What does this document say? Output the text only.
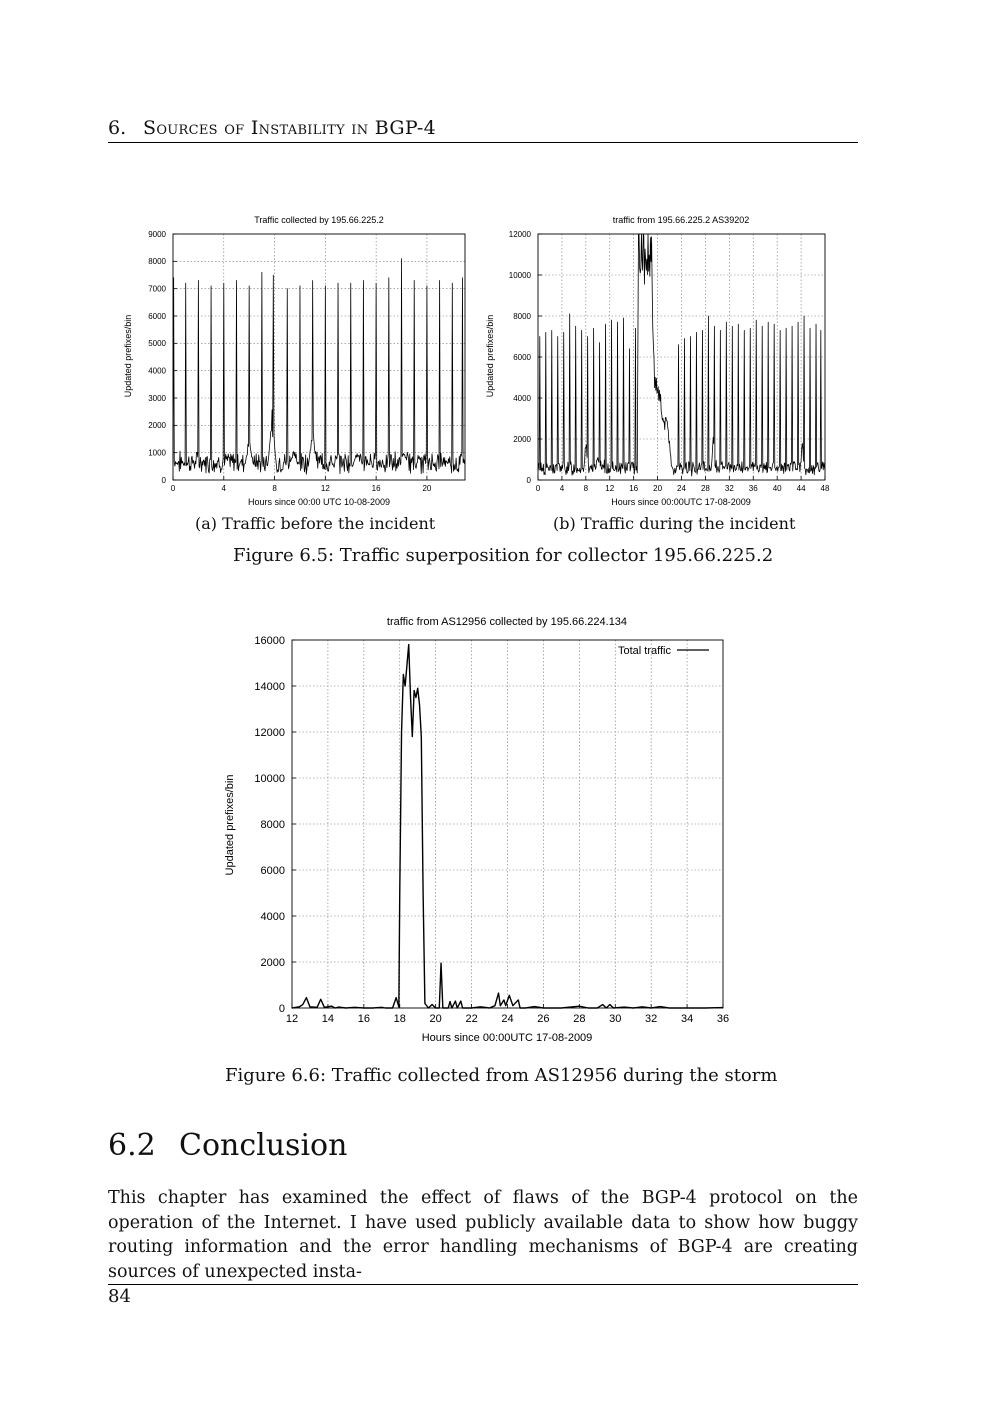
6. Sources of Instability in BGP-4
0	4	8	12	16	20
0
1000
2000
3000
4000
5000
6000
7000
8000
9000
Traffic collected by 195.66.225.2
Hours since 00:00 UTC 10-08-2009
Updated prefixes/bin
0 4 8 12 16 20 24 28 32 36 40 44 48
0
2000
4000
6000
8000
10000
12000
traffic from 195.66.225.2 AS39202
Hours since 00:00UTC 17-08-2009
Updated prefixes/bin
(a) Traffic before the incident	(b) Traffic during the incident
Figure 6.5: Traffic superposition for collector 195.66.225.2
12 14 16 18 20 22 24 26 28 30 32 34 36
0
2000
4000
6000
8000
10000
12000
14000
16000
traffic from AS12956 collected by 195.66.224.134
Hours since 00:00UTC 17-08-2009
Updated prefixes/bin
Total traffic
Figure 6.6: Traffic collected from AS12956 during the storm
6.2 Conclusion
This chapter has examined the effect of flaws of the BGP-4 protocol on the operation of the Internet. I have used publicly available data to show how buggy routing information and the error handling mechanisms of BGP-4 are creating sources of unexpected insta-
84
